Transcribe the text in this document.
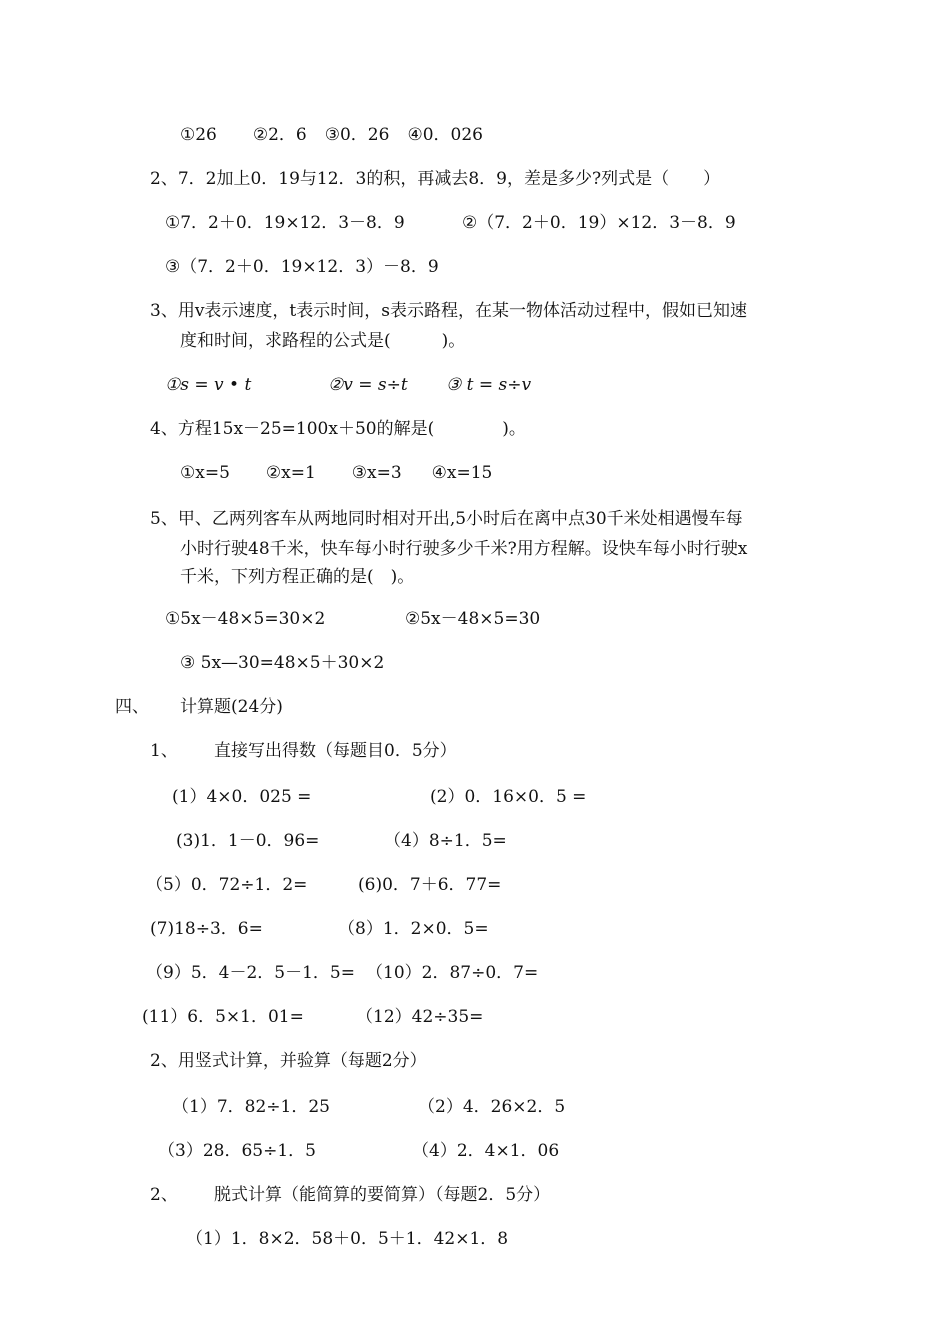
①26 ②2．6 ③0．26 ④0．026
2、7．2加上0．19与12．3的积，再减去8．9，差是多少?列式是（　　）
①7．2＋0．19×12．3－8．9	②（7．2＋0．19）×12．3－8．9
③（7．2＋0．19×12．3）－8．9
3、用v表示速度，t表示时间，s表示路程，在某一物体活动过程中，假如已知速
度和时间，求路程的公式是(　　　)。
①s = v • t	②v = s÷t ③ t = s÷v
4、方程15x－25=100x＋50的解是(　　　　)。
①x=5 ②x=1 ③x=3 ④x=15
5、甲、乙两列客车从两地同时相对开出,5小时后在离中点30千米处相遇慢车每
小时行驶48千米，快车每小时行驶多少千米?用方程解。设快车每小时行驶x
千米，下列方程正确的是(　)。
①5x－48×5=30×2	②5x－48×5=30
③ 5x—30=48×5＋30×2
四、 计算题(24分)
1、 直接写出得数（每题目0．5分）
(1）4×0．025 =	(2）0．16×0．5 =
(3)1．1－0．96=	（4）8÷1．5=
（5）0．72÷1．2=	(6)0．7＋6．77=
(7)18÷3．6=	（8）1．2×0．5=
（9）5．4－2．5－1．5= （10）2．87÷0．7=
(11）6．5×1．01=	（12）42÷35=
2、用竖式计算，并验算（每题2分）
（1）7．82÷1．25	（2）4．26×2．5
（3）28．65÷1．5	（4）2．4×1．06
2、 脱式计算（能简算的要简算）（每题2．5分）
（1）1．8×2．58＋0．5＋1．42×1．8
